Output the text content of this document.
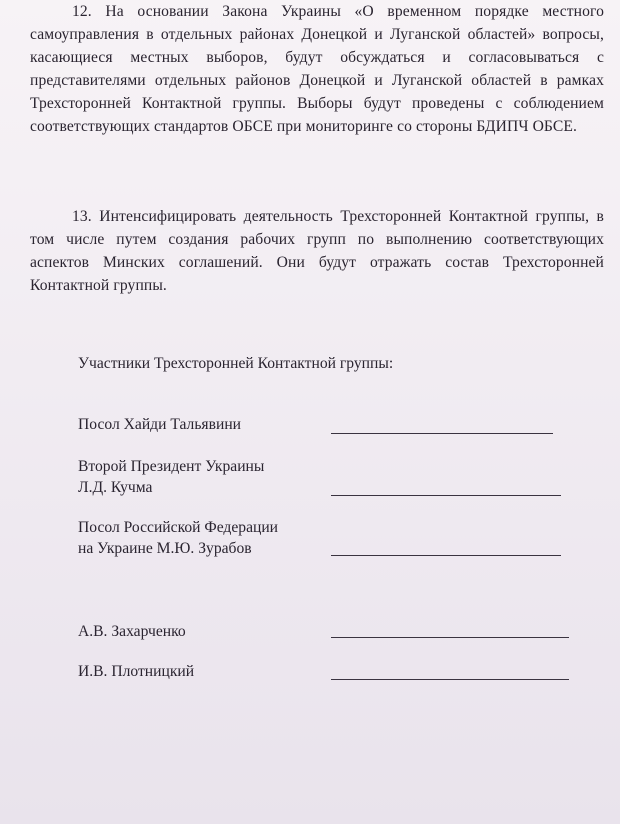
12. На основании Закона Украины «О временном порядке местного самоуправления в отдельных районах Донецкой и Луганской областей» вопросы, касающиеся местных выборов, будут обсуждаться и согласовываться с представителями отдельных районов Донецкой и Луганской областей в рамках Трехсторонней Контактной группы. Выборы будут проведены с соблюдением соответствующих стандартов ОБСЕ при мониторинге со стороны БДИПЧ ОБСЕ.

13. Интенсифицировать деятельность Трехсторонней Контактной группы, в том числе путем создания рабочих групп по выполнению соответствующих аспектов Минских соглашений. Они будут отражать состав Трехсторонней Контактной группы.

Участники Трехсторонней Контактной группы:
Посол Хайди Тальявини
Второй Президент Украины
Л.Д. Кучма
Посол Российской Федерации
на Украине М.Ю. Зурабов
А.В. Захарченко
И.В. Плотницкий
